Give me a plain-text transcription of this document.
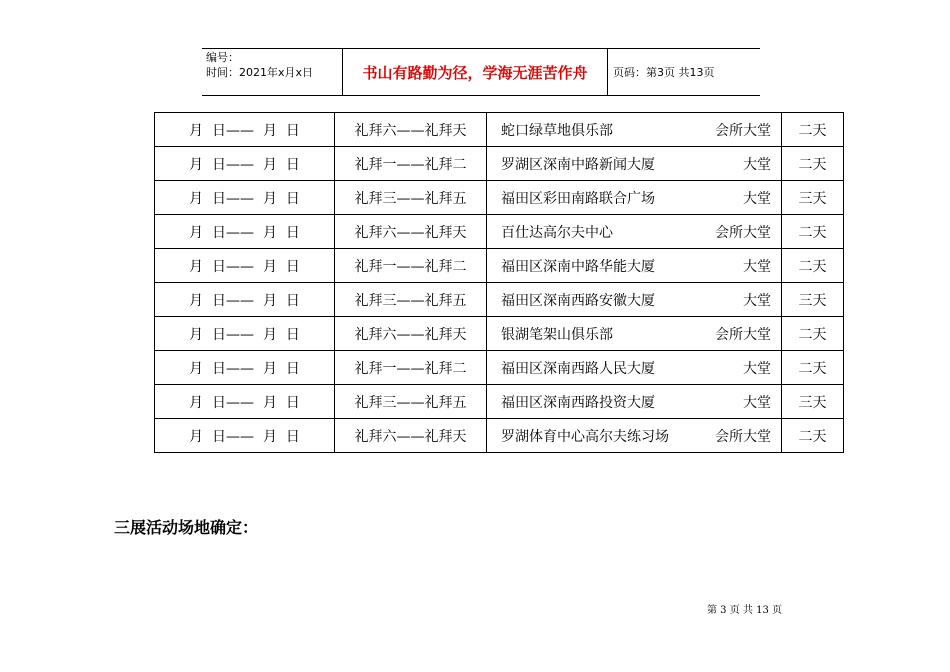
编号：
时间：2021年x月x日	书山有路勤为径，学海无涯苦作舟	页码：第3页 共13页
月  日——  月  日	礼拜六——礼拜天	蛇口绿草地俱乐部 会所大堂	二天
月  日——  月  日	礼拜一——礼拜二	罗湖区深南中路新闻大厦 大堂	二天
月  日——  月  日	礼拜三——礼拜五	福田区彩田南路联合广场 大堂	三天
月  日——  月  日	礼拜六——礼拜天	百仕达高尔夫中心 会所大堂	二天
月  日——  月  日	礼拜一——礼拜二	福田区深南中路华能大厦 大堂	二天
月  日——  月  日	礼拜三——礼拜五	福田区深南西路安徽大厦 大堂	三天
月  日——  月  日	礼拜六——礼拜天	银湖笔架山俱乐部 会所大堂	二天
月  日——  月  日	礼拜一——礼拜二	福田区深南西路人民大厦 大堂	二天
月  日——  月  日	礼拜三——礼拜五	福田区深南西路投资大厦 大堂	三天
月  日——  月  日	礼拜六——礼拜天	罗湖体育中心高尔夫练习场 会所大堂	二天
三展活动场地确定：
第 3 页 共 13 页
